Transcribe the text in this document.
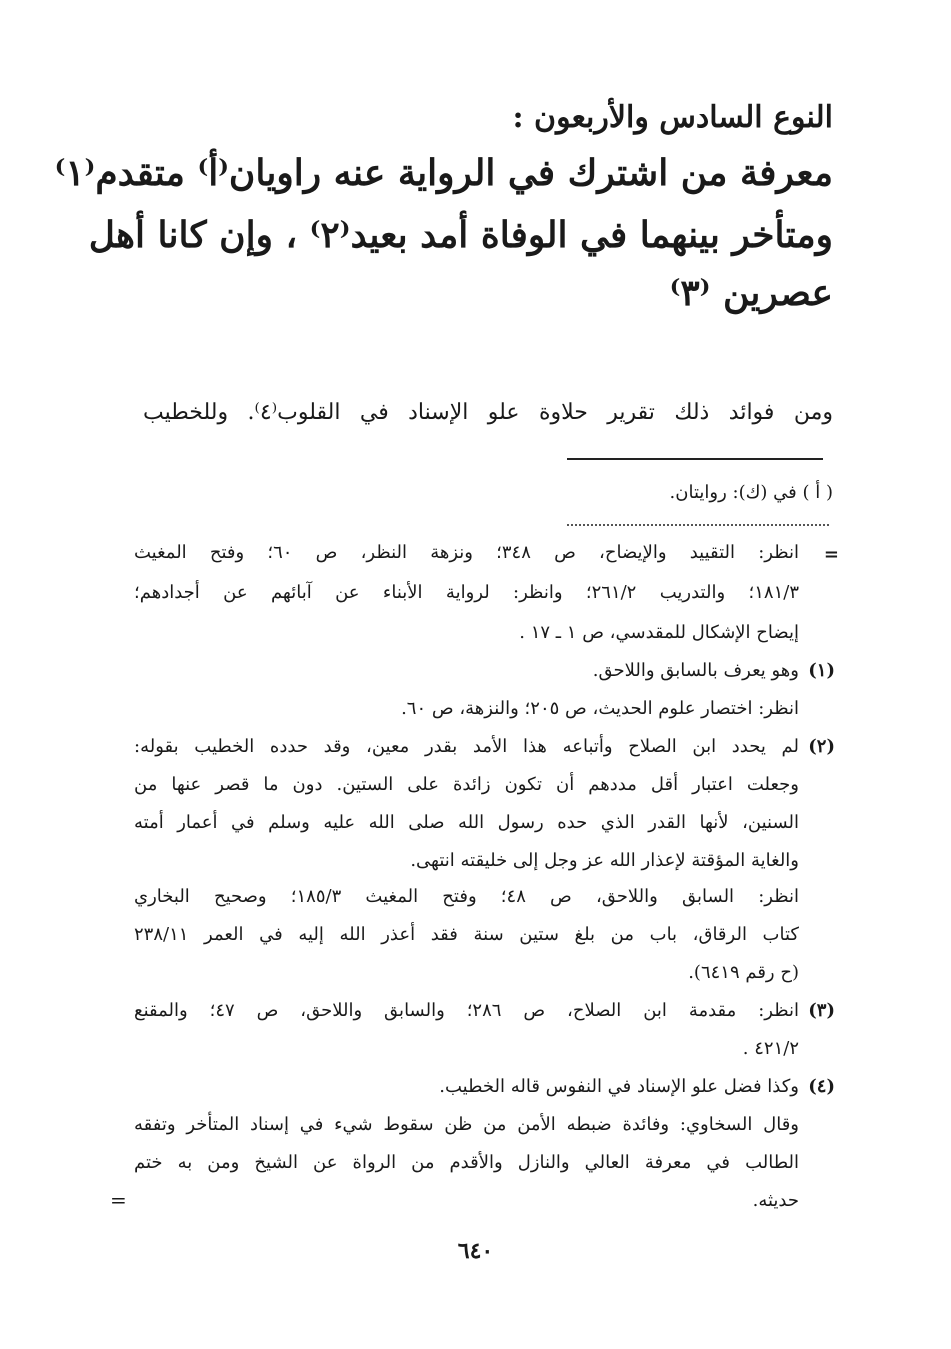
النوع السادس والأربعون :
معرفة من اشترك في الرواية عنه راويان⁽أ⁾ متقدم⁽١⁾
ومتأخر بينهما في الوفاة أمد بعيد⁽٢⁾ ، وإن كانا أهل
عصرين ⁽٣⁾
ومن فوائد ذلك تقرير حلاوة علو الإسناد في القلوب⁽٤⁾. وللخطيب
( أ ) في (ك): روايتان.
=
انظر: التقييد والإيضاح، ص ٣٤٨؛ ونزهة النظر، ص ٦٠؛ وفتح المغيث
١٨١/٣؛ والتدريب ٢٦١/٢؛ وانظر: لرواية الأبناء عن آبائهم عن أجدادهم؛
إيضاح الإشكال للمقدسي، ص ١ ـ ١٧ .
(١)
وهو يعرف بالسابق واللاحق.
انظر: اختصار علوم الحديث، ص ٢٠٥؛ والنزهة، ص ٦٠.
(٢)
لم يحدد ابن الصلاح وأتباعه هذا الأمد بقدر معين، وقد حدده الخطيب بقوله:
وجعلت اعتبار أقل مددهم أن تكون زائدة على الستين. دون ما قصر عنها من
السنين، لأنها القدر الذي حده رسول الله صلى الله عليه وسلم في أعمار أمته
والغاية المؤقتة لإعذار الله عز وجل إلى خليقته انتهى.
انظر: السابق واللاحق، ص ٤٨؛ وفتح المغيث ١٨٥/٣؛ وصحيح البخاري
كتاب الرقاق، باب من بلغ ستين سنة فقد أعذر الله إليه في العمر ٢٣٨/١١
(ح رقم ٦٤١٩).
(٣)
انظر: مقدمة ابن الصلاح، ص ٢٨٦؛ والسابق واللاحق، ص ٤٧؛ والمقنع
٤٢١/٢ .
(٤)
وكذا فضل علو الإسناد في النفوس قاله الخطيب.
وقال السخاوي: وفائدة ضبطه الأمن من ظن سقوط شيء في إسناد المتأخر وتفقه
الطالب في معرفة العالي والنازل والأقدم من الرواة عن الشيخ ومن به ختم
حديثه.
=
٦٤٠
